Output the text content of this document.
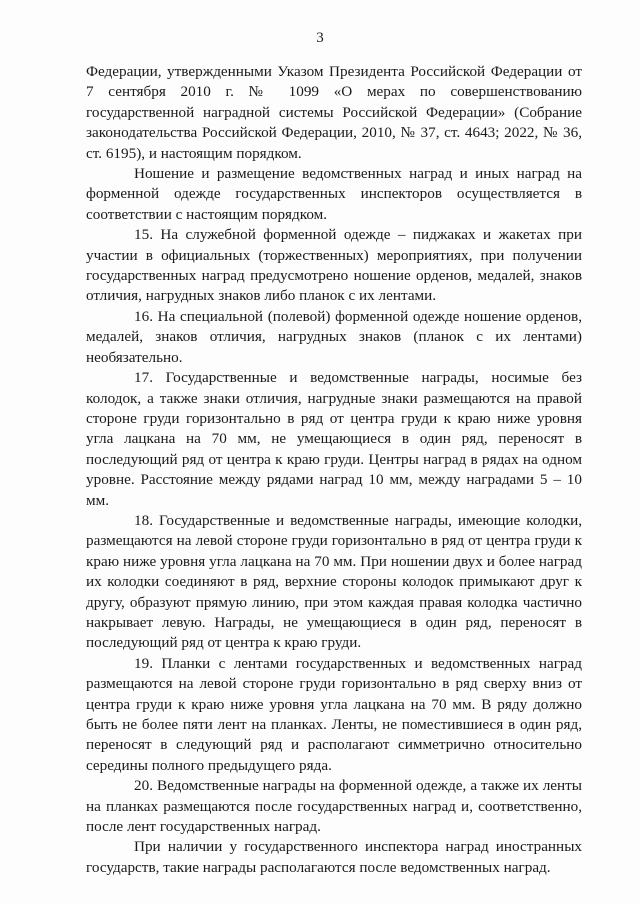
3

Федерации, утвержденными Указом Президента Российской Федерации от 7 сентября 2010 г. № 1099 «О мерах по совершенствованию государственной наградной системы Российской Федерации» (Собрание законодательства Российской Федерации, 2010, № 37, ст. 4643; 2022, № 36, ст. 6195), и настоящим порядком.

Ношение и размещение ведомственных наград и иных наград на форменной одежде государственных инспекторов осуществляется в соответствии с настоящим порядком.

15. На служебной форменной одежде – пиджаках и жакетах при участии в официальных (торжественных) мероприятиях, при получении государственных наград предусмотрено ношение орденов, медалей, знаков отличия, нагрудных знаков либо планок с их лентами.

16. На специальной (полевой) форменной одежде ношение орденов, медалей, знаков отличия, нагрудных знаков (планок с их лентами) необязательно.

17. Государственные и ведомственные награды, носимые без колодок, а также знаки отличия, нагрудные знаки размещаются на правой стороне груди горизонтально в ряд от центра груди к краю ниже уровня угла лацкана на 70 мм, не умещающиеся в один ряд, переносят в последующий ряд от центра к краю груди. Центры наград в рядах на одном уровне. Расстояние между рядами наград 10 мм, между наградами 5 – 10 мм.

18. Государственные и ведомственные награды, имеющие колодки, размещаются на левой стороне груди горизонтально в ряд от центра груди к краю ниже уровня угла лацкана на 70 мм. При ношении двух и более наград их колодки соединяют в ряд, верхние стороны колодок примыкают друг к другу, образуют прямую линию, при этом каждая правая колодка частично накрывает левую. Награды, не умещающиеся в один ряд, переносят в последующий ряд от центра к краю груди.

19. Планки с лентами государственных и ведомственных наград размещаются на левой стороне груди горизонтально в ряд сверху вниз от центра груди к краю ниже уровня угла лацкана на 70 мм. В ряду должно быть не более пяти лент на планках. Ленты, не поместившиеся в один ряд, переносят в следующий ряд и располагают симметрично относительно середины полного предыдущего ряда.

20. Ведомственные награды на форменной одежде, а также их ленты на планках размещаются после государственных наград и, соответственно, после лент государственных наград.

При наличии у государственного инспектора наград иностранных государств, такие награды располагаются после ведомственных наград.
